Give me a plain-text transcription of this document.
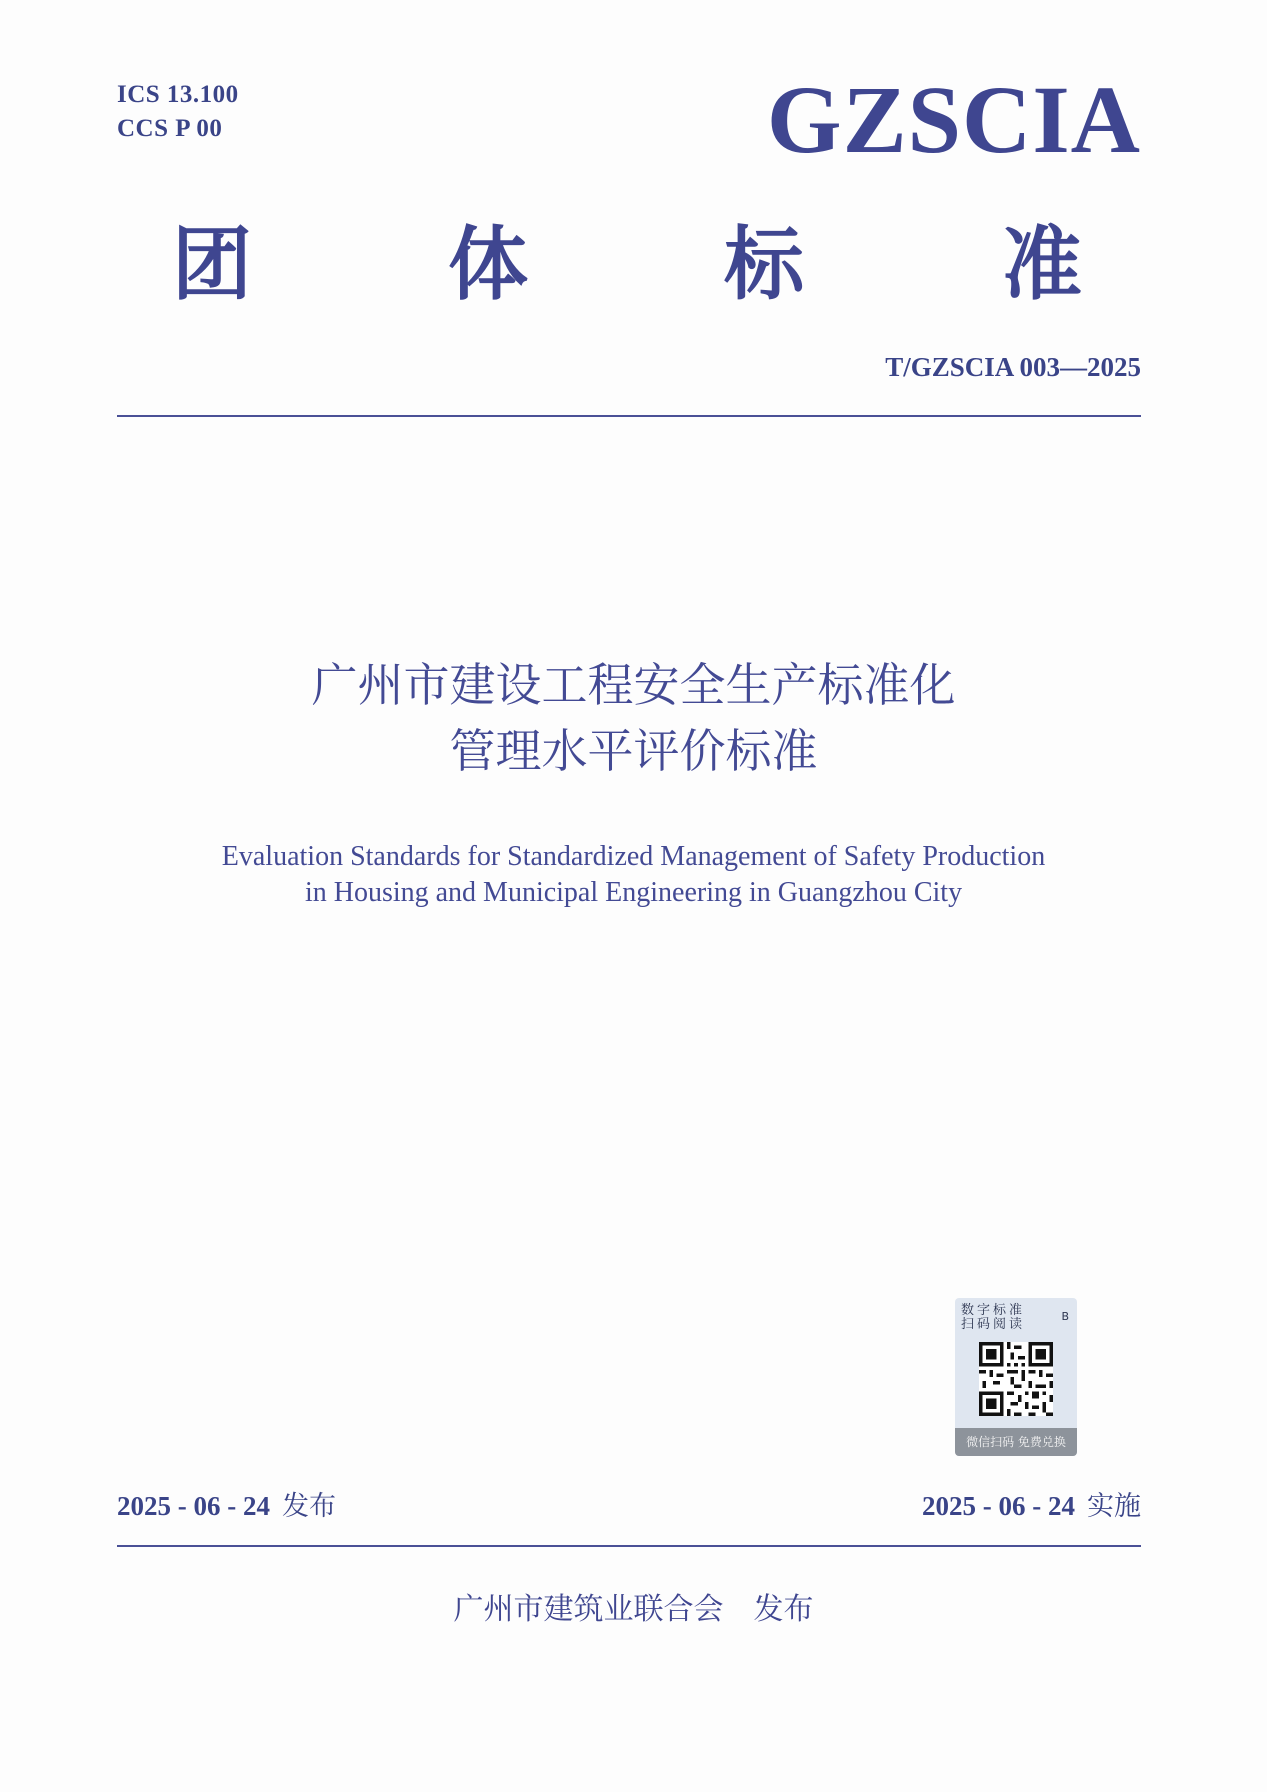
ICS 13.100
CCS P 00	GZSCIA
团 体 标 准
T/GZSCIA 003—2025
广州市建设工程安全生产标准化
管理水平评价标准
Evaluation Standards for Standardized Management of Safety Production
in Housing and Municipal Engineering in Guangzhou City
数字标准
扫码阅读
B
微信扫码 免费兑换
2025 - 06 - 24 发布	2025 - 06 - 24 实施
广州市建筑业联合会 发布
